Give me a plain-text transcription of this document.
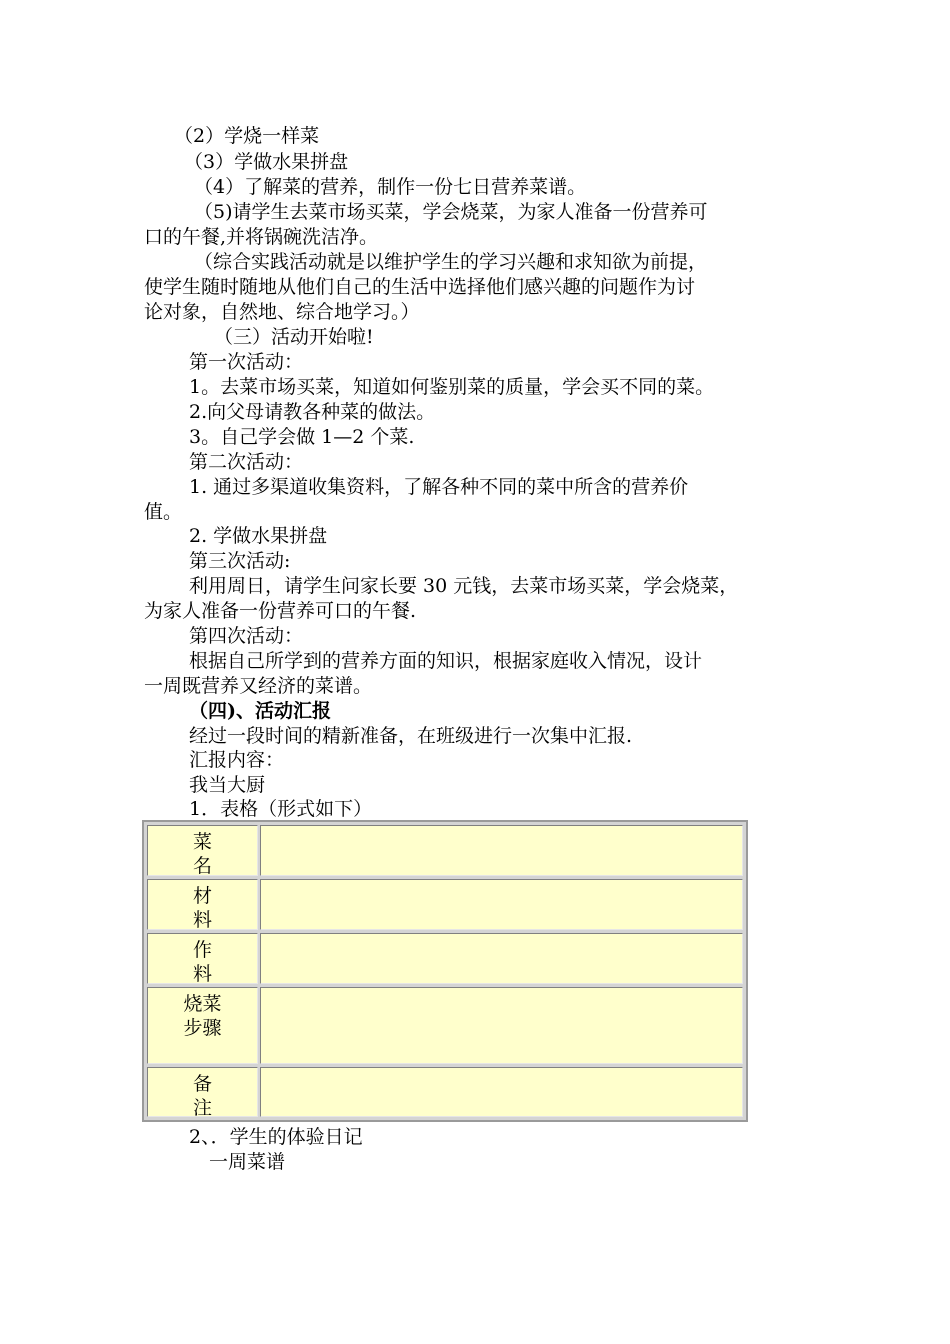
（2）学烧一样菜
（3）学做水果拼盘
（4）了解菜的营养，制作一份七日营养菜谱。
（5)请学生去菜市场买菜，学会烧菜，为家人准备一份营养可
口的午餐,并将锅碗洗洁净。
（综合实践活动就是以维护学生的学习兴趣和求知欲为前提，
使学生随时随地从他们自己的生活中选择他们感兴趣的问题作为讨
论对象，自然地、综合地学习。）
（三）活动开始啦!
第一次活动：
1。去菜市场买菜，知道如何鉴别菜的质量，学会买不同的菜。
2.向父母请教各种菜的做法。
3。自己学会做 1—2 个菜.
第二次活动：
1. 通过多渠道收集资料，了解各种不同的菜中所含的营养价
值。
2. 学做水果拼盘
第三次活动:
利用周日，请学生问家长要 30 元钱，去菜市场买菜，学会烧菜，
为家人准备一份营养可口的午餐.
第四次活动：
根据自己所学到的营养方面的知识，根据家庭收入情况，设计
一周既营养又经济的菜谱。
（四)、活动汇报
经过一段时间的精新准备，在班级进行一次集中汇报.
汇报内容：
我当大厨
1．表格（形式如下）
菜
名
材
料
作
料
烧菜
步骤
备
注
2、．学生的体验日记
一周菜谱
